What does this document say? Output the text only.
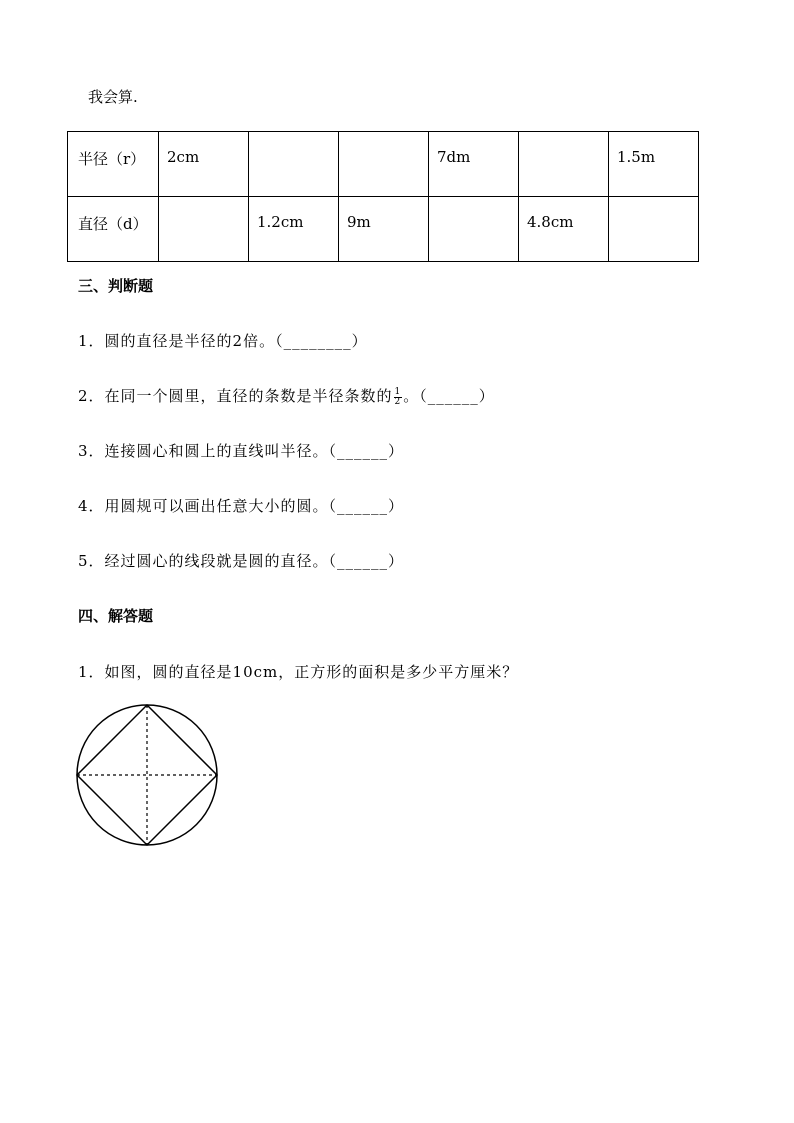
我会算.
半径（r）	2cm			7dm		1.5m
直径（d）		1.2cm	9m		4.8cm	
三、判断题
1．圆的直径是半径的2倍。（________）
2．在同一个圆里，直径的条数是半径条数的 $\frac{1}{2}$ 。（______）
3．连接圆心和圆上的直线叫半径。（______）
4．用圆规可以画出任意大小的圆。（______）
5．经过圆心的线段就是圆的直径。（______）
四、解答题
1．如图，圆的直径是10cm，正方形的面积是多少平方厘米？
